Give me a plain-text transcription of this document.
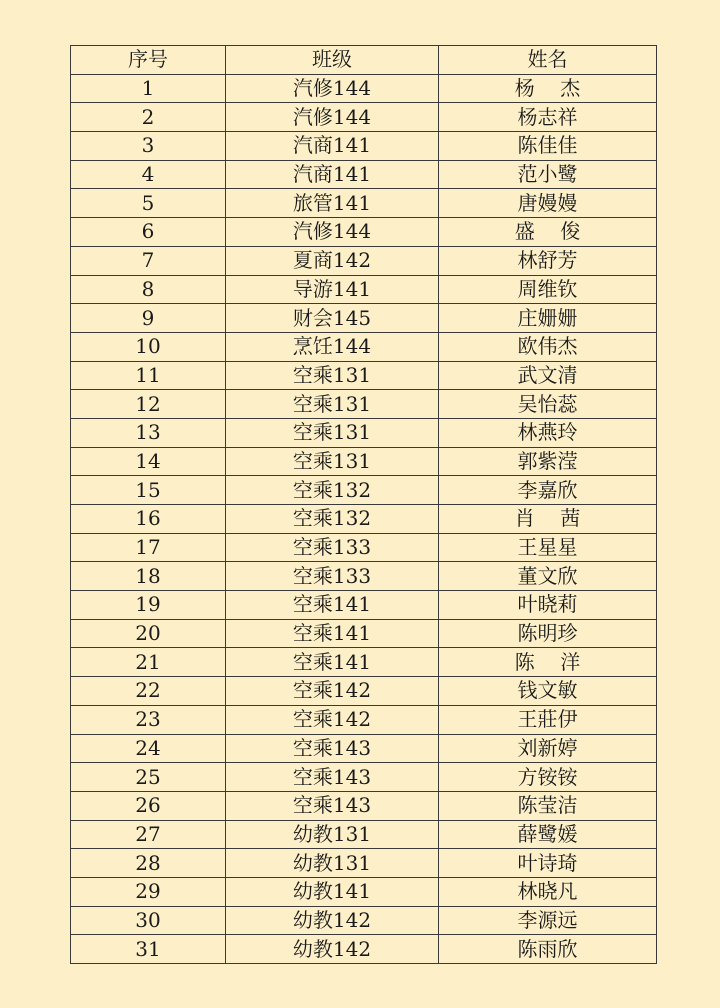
序号	班级	姓名
1	汽修144	杨    杰
2	汽修144	杨志祥
3	汽商141	陈佳佳
4	汽商141	范小鹭
5	旅管141	唐嫚嫚
6	汽修144	盛    俊
7	夏商142	林舒芳
8	导游141	周维钦
9	财会145	庄姗姗
10	烹饪144	欧伟杰
11	空乘131	武文清
12	空乘131	吴怡蕊
13	空乘131	林燕玲
14	空乘131	郭紫滢
15	空乘132	李嘉欣
16	空乘132	肖    茜
17	空乘133	王星星
18	空乘133	董文欣
19	空乘141	叶晓莉
20	空乘141	陈明珍
21	空乘141	陈    洋
22	空乘142	钱文敏
23	空乘142	王莊伊
24	空乘143	刘新婷
25	空乘143	方铵铵
26	空乘143	陈莹洁
27	幼教131	薛鹭媛
28	幼教131	叶诗琦
29	幼教141	林晓凡
30	幼教142	李源远
31	幼教142	陈雨欣
